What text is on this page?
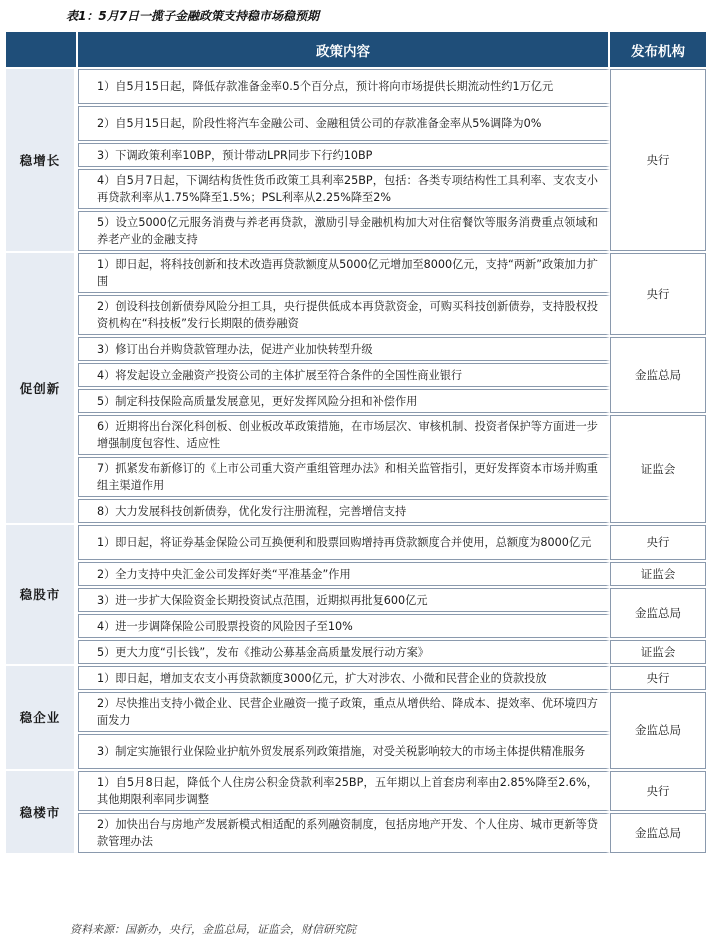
表1：5月7日一揽子金融政策支持稳市场稳预期
	政策内容	发布机构
稳增长	1）自5月15日起，降低存款准备金率0.5个百分点，预计将向市场提供长期流动性约1万亿元	央行
	2）自5月15日起，阶段性将汽车金融公司、金融租赁公司的存款准备金率从5%调降为0%	
	3）下调政策利率10BP，预计带动LPR同步下行约10BP	
	4）自5月7日起，下调结构货性货币政策工具利率25BP，包括：各类专项结构性工具利率、支农支小再贷款利率从1.75%降至1.5%；PSL利率从2.25%降至2%	
	5）设立5000亿元服务消费与养老再贷款，激励引导金融机构加大对住宿餐饮等服务消费重点领域和养老产业的金融支持	
促创新	1）即日起，将科技创新和技术改造再贷款额度从5000亿元增加至8000亿元，支持“两新”政策加力扩围	央行
	2）创设科技创新债券风险分担工具，央行提供低成本再贷款资金，可购买科技创新债券，支持股权投资机构在“科技板”发行长期限的债券融资	
	3）修订出台并购贷款管理办法，促进产业加快转型升级	金监总局
	4）将发起设立金融资产投资公司的主体扩展至符合条件的全国性商业银行	
	5）制定科技保险高质量发展意见，更好发挥风险分担和补偿作用	
	6）近期将出台深化科创板、创业板改革政策措施，在市场层次、审核机制、投资者保护等方面进一步增强制度包容性、适应性	证监会
	7）抓紧发布新修订的《上市公司重大资产重组管理办法》和相关监管指引，更好发挥资本市场并购重组主渠道作用	
	8）大力发展科技创新债券，优化发行注册流程，完善增信支持	
稳股市	1）即日起，将证券基金保险公司互换便利和股票回购增持再贷款额度合并使用，总额度为8000亿元	央行
	2）全力支持中央汇金公司发挥好类“平准基金”作用	证监会
	3）进一步扩大保险资金长期投资试点范围，近期拟再批复600亿元	金监总局
	4）进一步调降保险公司股票投资的风险因子至10%	
	5）更大力度“引长钱”，发布《推动公募基金高质量发展行动方案》	证监会
稳企业	1）即日起，增加支农支小再贷款额度3000亿元，扩大对涉农、小微和民营企业的贷款投放	央行
	2）尽快推出支持小微企业、民营企业融资一揽子政策，重点从增供给、降成本、提效率、优环境四方面发力	金监总局
	3）制定实施银行业保险业护航外贸发展系列政策措施，对受关税影响较大的市场主体提供精准服务	
稳楼市	1）自5月8日起，降低个人住房公积金贷款利率25BP，五年期以上首套房利率由2.85%降至2.6%，其他期限利率同步调整	央行
	2）加快出台与房地产发展新模式相适配的系列融资制度，包括房地产开发、个人住房、城市更新等贷款管理办法	金监总局
资料来源：国新办，央行，金监总局，证监会，财信研究院
